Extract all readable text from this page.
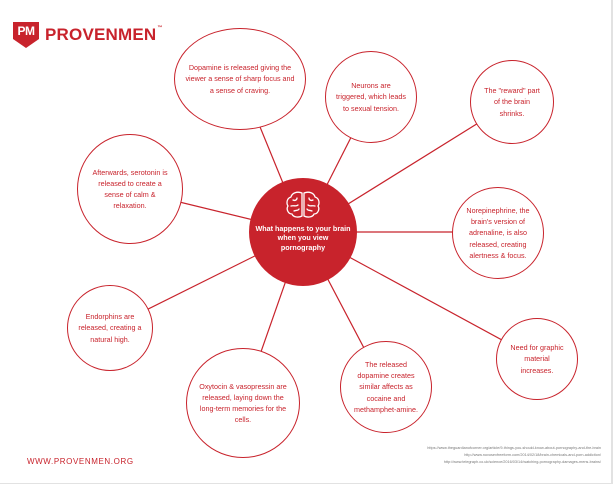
PM PROVENMEN™
Dopamine is released giving the viewer a sense of sharp focus and a sense of craving.	Neurons are triggered, which leads to sexual tension.
The "reward" part of the brain shrinks.
Afterwards, serotonin is released to create a sense of calm & relaxation.
Norepinephrine, the brain's version of adrenaline, is also released, creating alertness & focus.
Endorphins are released, creating a natural high.
Need for graphic material increases.
Oxytocin & vasopressin are released, laying down the long-term memories for the cells.
The released dopamine creates similar affects as cocaine and methamphet-amine.
What happens to your brain when you view pornography
WWW.PROVENMEN.ORG
https://www.theguardianofcorner.org/article/9-things-you-should-know-about-pornography-and-the-brain
http://www.novosexfreeform.com/2014/02/18/brain-chemicals-and-porn-addiction/
http://www.telegraph.co.uk/science/2016/03/14/watching-pornography-damages-mens-brains/
